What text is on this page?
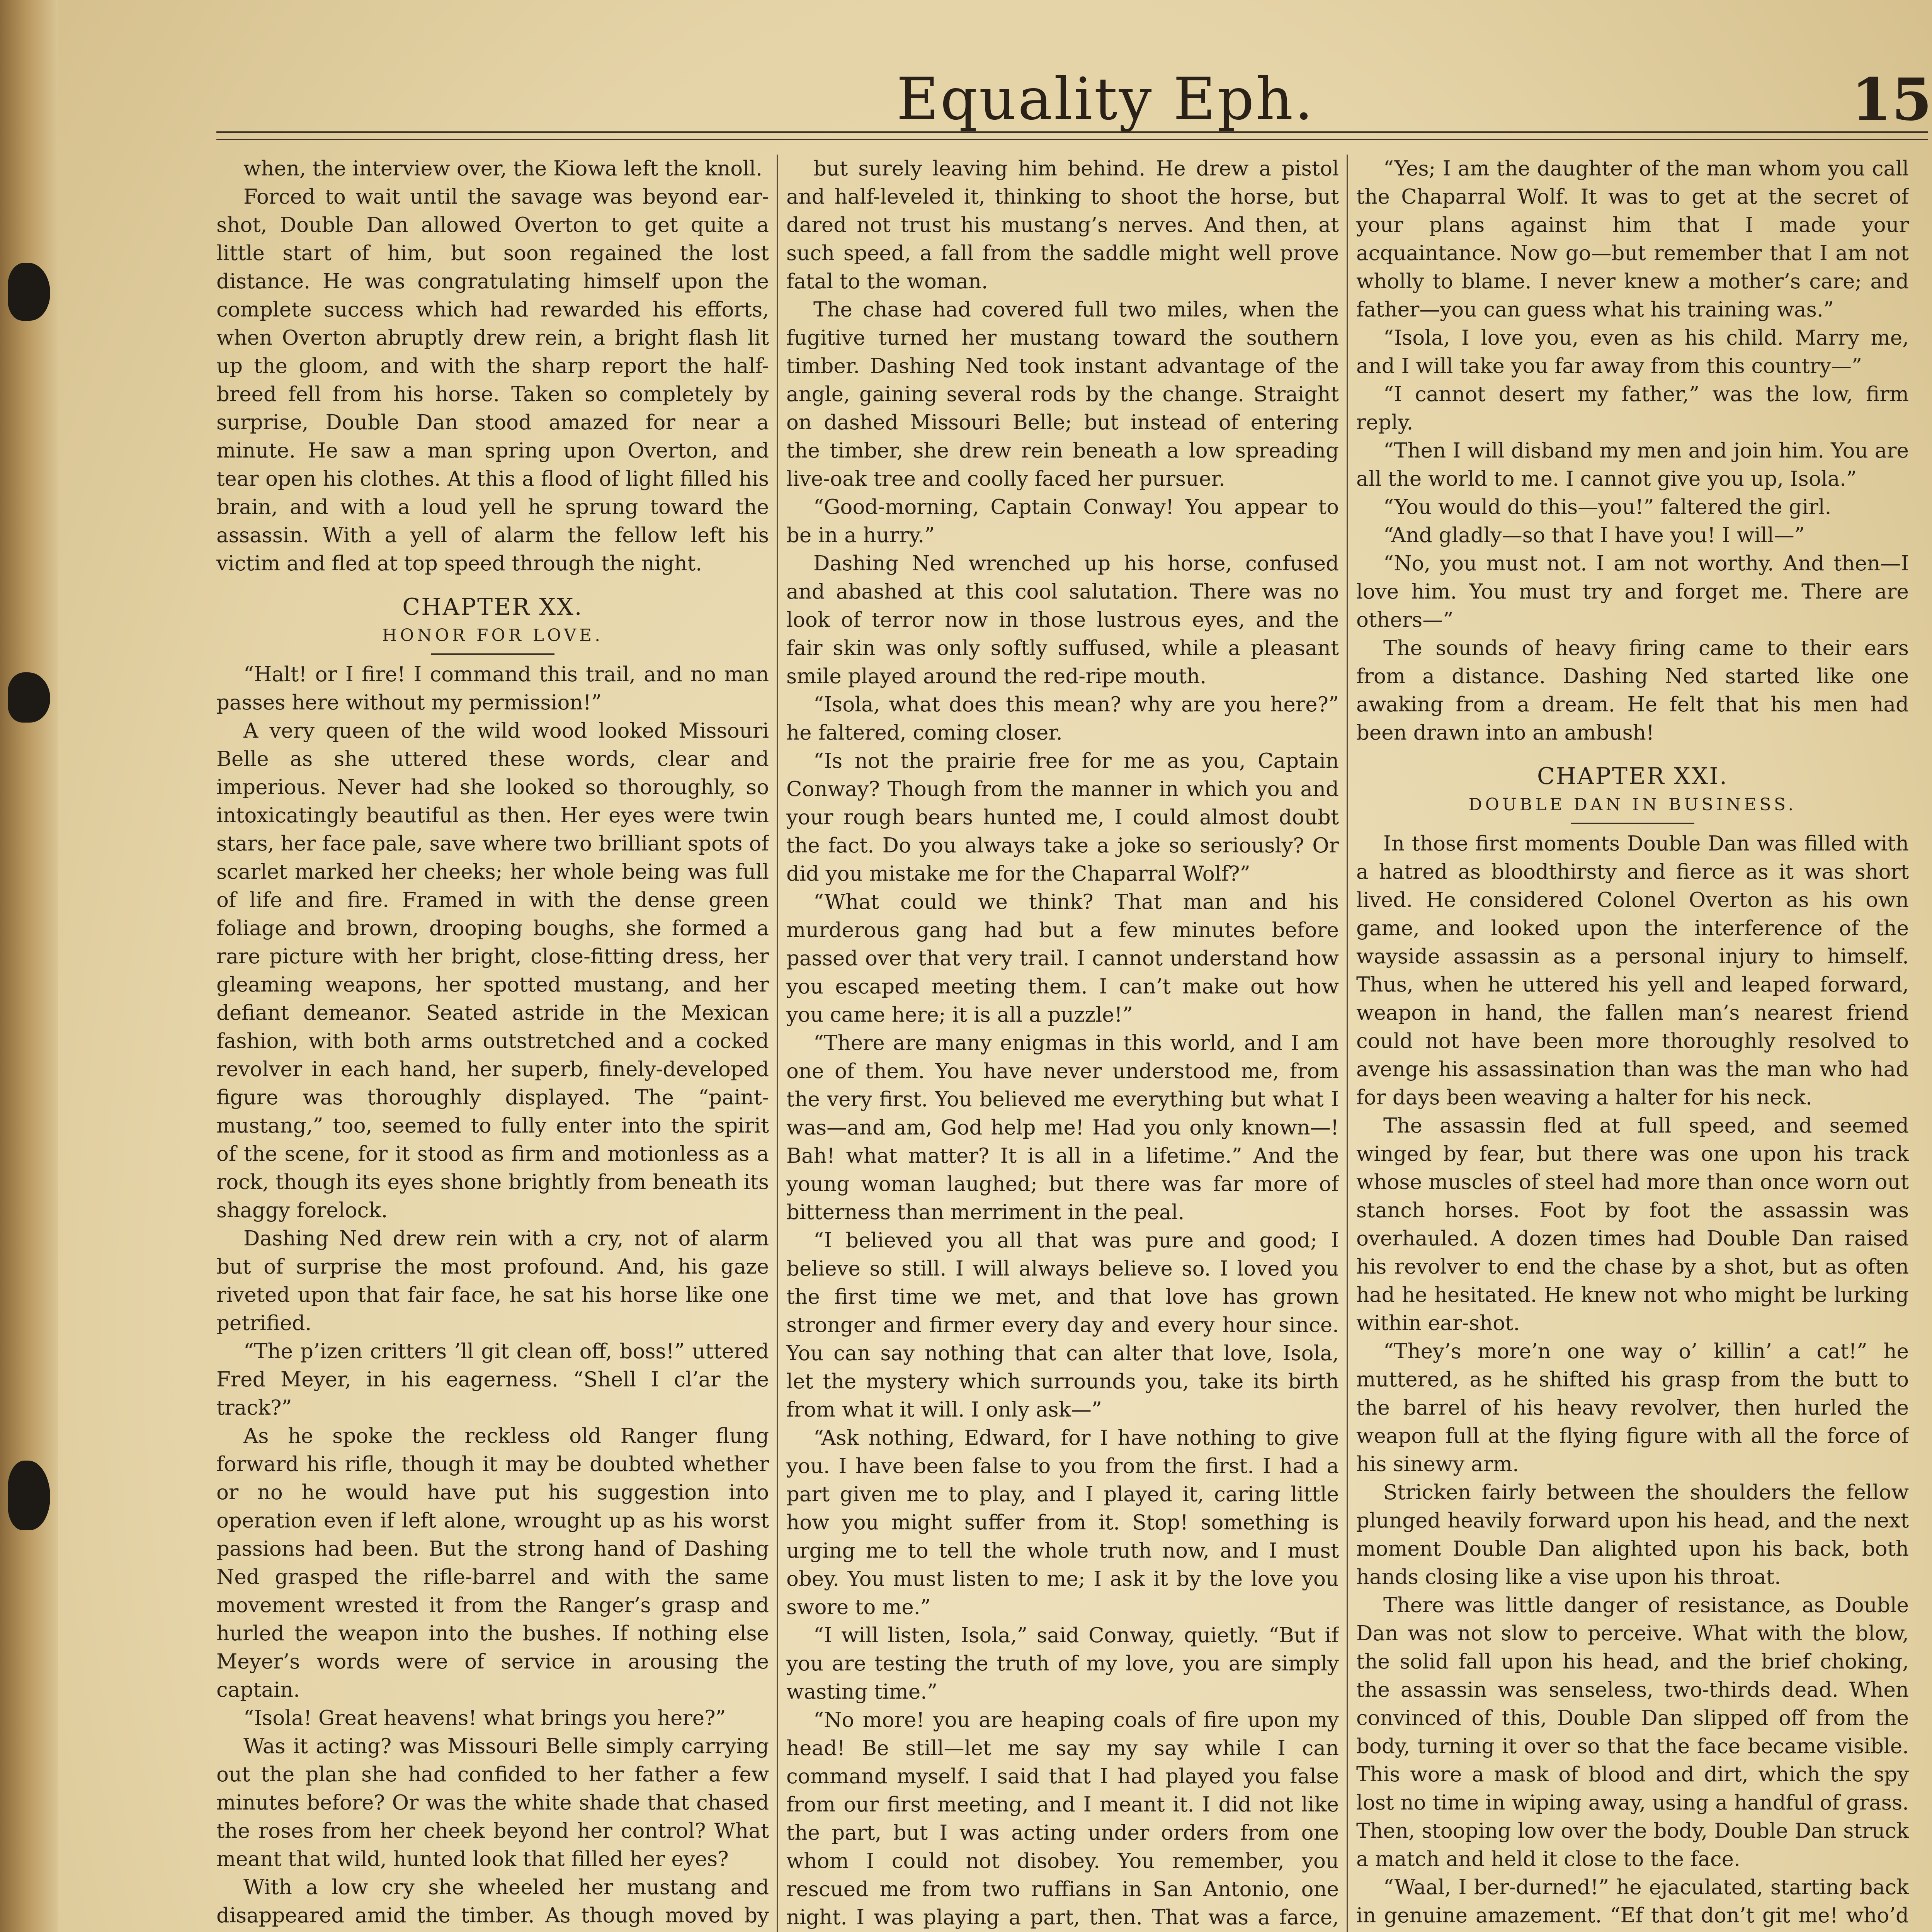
Equality Eph.	15

when, the interview over, the Kiowa left the knoll.

Forced to wait until the savage was beyond ear-shot, Double Dan allowed Overton to get quite a little start of him, but soon regained the lost distance. He was congratulating himself upon the complete success which had rewarded his efforts, when Overton abruptly drew rein, a bright flash lit up the gloom, and with the sharp report the half-breed fell from his horse. Taken so completely by surprise, Double Dan stood amazed for near a minute. He saw a man spring upon Overton, and tear open his clothes. At this a flood of light filled his brain, and with a loud yell he sprung toward the assassin. With a yell of alarm the fellow left his victim and fled at top speed through the night.

CHAPTER XX.

HONOR FOR LOVE.

“Halt! or I fire! I command this trail, and no man passes here without my permission!”

A very queen of the wild wood looked Missouri Belle as she uttered these words, clear and imperious. Never had she looked so thoroughly, so intoxicatingly beautiful as then. Her eyes were twin stars, her face pale, save where two brilliant spots of scarlet marked her cheeks; her whole being was full of life and fire. Framed in with the dense green foliage and brown, drooping boughs, she formed a rare picture with her bright, close-fitting dress, her gleaming weapons, her spotted mustang, and her defiant demeanor. Seated astride in the Mexican fashion, with both arms outstretched and a cocked revolver in each hand, her superb, finely-developed figure was thoroughly displayed. The “paint-mustang,” too, seemed to fully enter into the spirit of the scene, for it stood as firm and motionless as a rock, though its eyes shone brightly from beneath its shaggy forelock.

Dashing Ned drew rein with a cry, not of alarm but of surprise the most profound. And, his gaze riveted upon that fair face, he sat his horse like one petrified.

“The p’izen critters ’ll git clean off, boss!” uttered Fred Meyer, in his eagerness. “Shell I cl’ar the track?”

As he spoke the reckless old Ranger flung forward his rifle, though it may be doubted whether or no he would have put his suggestion into operation even if left alone, wrought up as his worst passions had been. But the strong hand of Dashing Ned grasped the rifle-barrel and with the same movement wrested it from the Ranger’s grasp and hurled the weapon into the bushes. If nothing else Meyer’s words were of service in arousing the captain.

“Isola! Great heavens! what brings you here?”

Was it acting? was Missouri Belle simply carrying out the plan she had confided to her father a few minutes before? Or was the white shade that chased the roses from her cheek beyond her control? What meant that wild, hunted look that filled her eyes?

With a low cry she wheeled her mustang and disappeared amid the timber. As though moved by

but surely leaving him behind. He drew a pistol and half-leveled it, thinking to shoot the horse, but dared not trust his mustang’s nerves. And then, at such speed, a fall from the saddle might well prove fatal to the woman.

The chase had covered full two miles, when the fugitive turned her mustang toward the southern timber. Dashing Ned took instant advantage of the angle, gaining several rods by the change. Straight on dashed Missouri Belle; but instead of entering the timber, she drew rein beneath a low spreading live-oak tree and coolly faced her pursuer.

“Good-morning, Captain Conway! You appear to be in a hurry.”

Dashing Ned wrenched up his horse, confused and abashed at this cool salutation. There was no look of terror now in those lustrous eyes, and the fair skin was only softly suffused, while a pleasant smile played around the red-ripe mouth.

“Isola, what does this mean? why are you here?” he faltered, coming closer.

“Is not the prairie free for me as you, Captain Conway? Though from the manner in which you and your rough bears hunted me, I could almost doubt the fact. Do you always take a joke so seriously? Or did you mistake me for the Chaparral Wolf?”

“What could we think? That man and his murderous gang had but a few minutes before passed over that very trail. I cannot understand how you escaped meeting them. I can’t make out how you came here; it is all a puzzle!”

“There are many enigmas in this world, and I am one of them. You have never understood me, from the very first. You believed me everything but what I was—and am, God help me! Had you only known—! Bah! what matter? It is all in a lifetime.” And the young woman laughed; but there was far more of bitterness than merriment in the peal.

“I believed you all that was pure and good; I believe so still. I will always believe so. I loved you the first time we met, and that love has grown stronger and firmer every day and every hour since. You can say nothing that can alter that love, Isola, let the mystery which surrounds you, take its birth from what it will. I only ask—”

“Ask nothing, Edward, for I have nothing to give you. I have been false to you from the first. I had a part given me to play, and I played it, caring little how you might suffer from it. Stop! something is urging me to tell the whole truth now, and I must obey. You must listen to me; I ask it by the love you swore to me.”

“I will listen, Isola,” said Conway, quietly. “But if you are testing the truth of my love, you are simply wasting time.”

“No more! you are heaping coals of fire upon my head! Be still—let me say my say while I can command myself. I said that I had played you false from our first meeting, and I meant it. I did not like the part, but I was acting under orders from one whom I could not disobey. You remember, you rescued me from two ruffians in San Antonio, one night. I was playing a part, then. That was a farce,

“Yes; I am the daughter of the man whom you call the Chaparral Wolf. It was to get at the secret of your plans against him that I made your acquaintance. Now go—but remember that I am not wholly to blame. I never knew a mother’s care; and father—you can guess what his training was.”

“Isola, I love you, even as his child. Marry me, and I will take you far away from this country—”

“I cannot desert my father,” was the low, firm reply.

“Then I will disband my men and join him. You are all the world to me. I cannot give you up, Isola.”

“You would do this—you!” faltered the girl.

“And gladly—so that I have you! I will—”

“No, you must not. I am not worthy. And then—I love him. You must try and forget me. There are others—”

The sounds of heavy firing came to their ears from a distance. Dashing Ned started like one awaking from a dream. He felt that his men had been drawn into an ambush!

CHAPTER XXI.

DOUBLE DAN IN BUSINESS.

In those first moments Double Dan was filled with a hatred as bloodthirsty and fierce as it was short lived. He considered Colonel Overton as his own game, and looked upon the interference of the wayside assassin as a personal injury to himself. Thus, when he uttered his yell and leaped forward, weapon in hand, the fallen man’s nearest friend could not have been more thoroughly resolved to avenge his assassination than was the man who had for days been weaving a halter for his neck.

The assassin fled at full speed, and seemed winged by fear, but there was one upon his track whose muscles of steel had more than once worn out stanch horses. Foot by foot the assassin was overhauled. A dozen times had Double Dan raised his revolver to end the chase by a shot, but as often had he hesitated. He knew not who might be lurking within ear-shot.

“They’s more’n one way o’ killin’ a cat!” he muttered, as he shifted his grasp from the butt to the barrel of his heavy revolver, then hurled the weapon full at the flying figure with all the force of his sinewy arm.

Stricken fairly between the shoulders the fellow plunged heavily forward upon his head, and the next moment Double Dan alighted upon his back, both hands closing like a vise upon his throat.

There was little danger of resistance, as Double Dan was not slow to perceive. What with the blow, the solid fall upon his head, and the brief choking, the assassin was senseless, two-thirds dead. When convinced of this, Double Dan slipped off from the body, turning it over so that the face became visible. This wore a mask of blood and dirt, which the spy lost no time in wiping away, using a handful of grass. Then, stooping low over the body, Double Dan struck a match and held it close to the face.

“Waal, I ber-durned!” he ejaculated, starting back in genuine amazement. “Ef that don’t git me! who’d
